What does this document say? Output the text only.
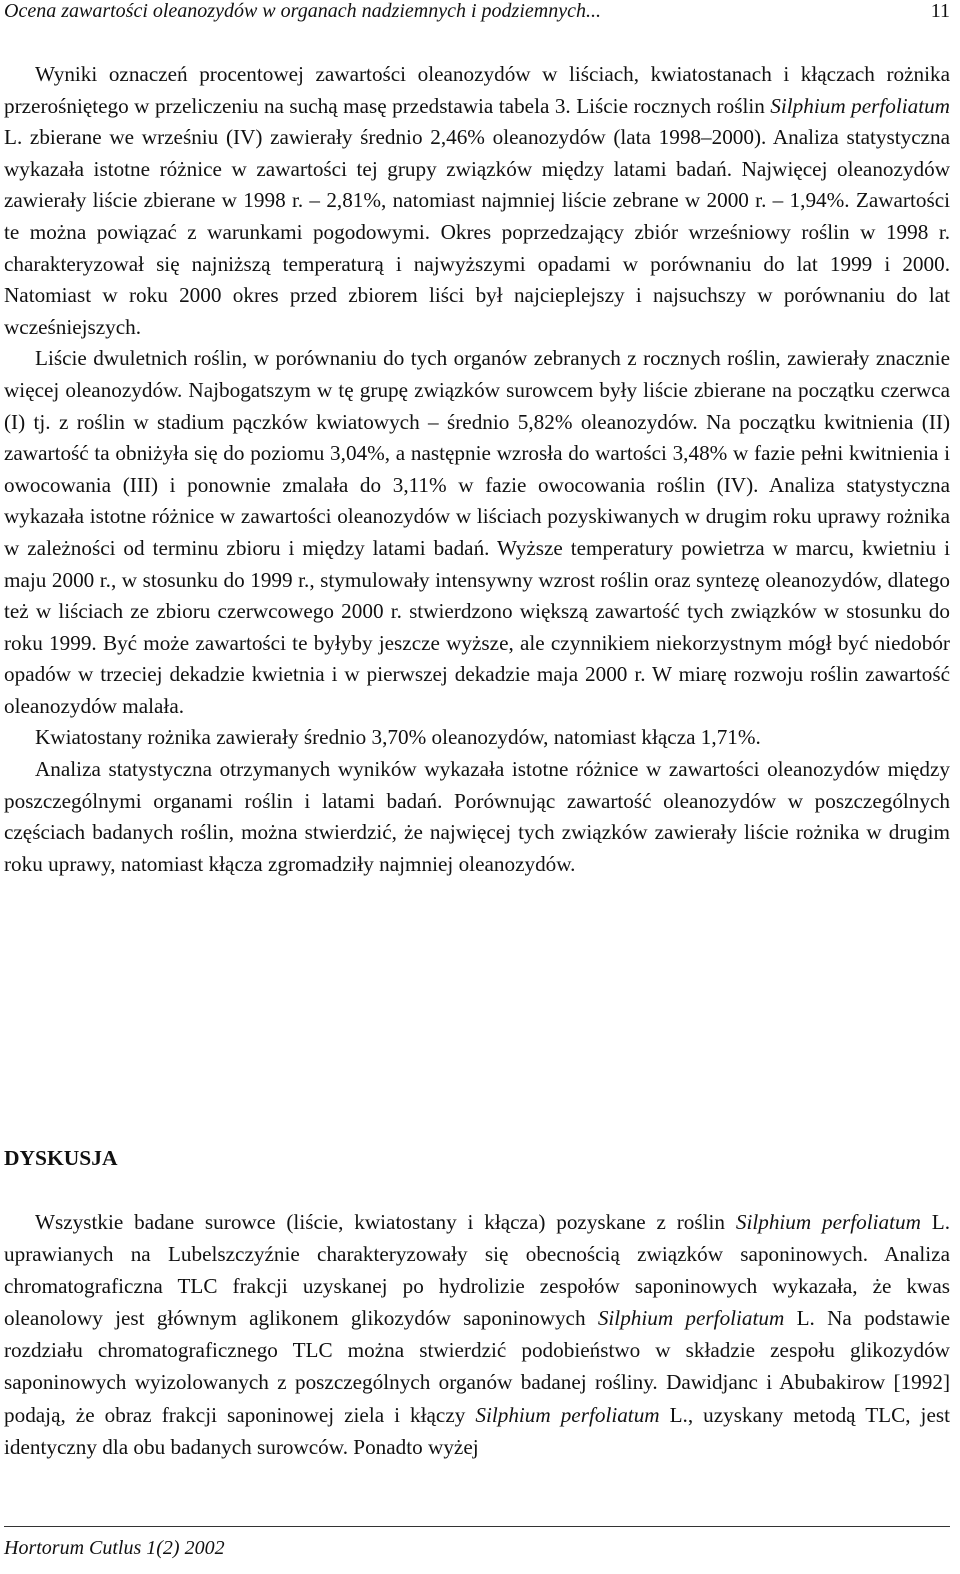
Ocena zawartości oleanozydów w organach nadziemnych i podziemnych...	11

Wyniki oznaczeń procentowej zawartości oleanozydów w liściach, kwiatostanach i kłączach rożnika przerośniętego w przeliczeniu na suchą masę przedstawia tabela 3. Liście rocznych roślin Silphium perfoliatum L. zbierane we wrześniu (IV) zawierały średnio 2,46% oleanozydów (lata 1998–2000). Analiza statystyczna wykazała istotne różnice w zawartości tej grupy związków między latami badań. Najwięcej oleanozydów zawierały liście zbierane w 1998 r. – 2,81%, natomiast najmniej liście zebrane w 2000 r. – 1,94%. Zawartości te można powiązać z warunkami pogodowymi. Okres poprzedzający zbiór wrześniowy roślin w 1998 r. charakteryzował się najniższą temperaturą i najwyższymi opadami w porównaniu do lat 1999 i 2000. Natomiast w roku 2000 okres przed zbiorem liści był najcieplejszy i najsuchszy w porównaniu do lat wcześniejszych.

Liście dwuletnich roślin, w porównaniu do tych organów zebranych z rocznych roślin, zawierały znacznie więcej oleanozydów. Najbogatszym w tę grupę związków surowcem były liście zbierane na początku czerwca (I) tj. z roślin w stadium pączków kwiatowych – średnio 5,82% oleanozydów. Na początku kwitnienia (II) zawartość ta obniżyła się do poziomu 3,04%, a następnie wzrosła do wartości 3,48% w fazie pełni kwitnienia i owocowania (III) i ponownie zmalała do 3,11% w fazie owocowania roślin (IV). Analiza statystyczna wykazała istotne różnice w zawartości oleanozydów w liściach pozyskiwanych w drugim roku uprawy rożnika w zależności od terminu zbioru i między latami badań. Wyższe temperatury powietrza w marcu, kwietniu i maju 2000 r., w stosunku do 1999 r., stymulowały intensywny wzrost roślin oraz syntezę oleanozydów, dlatego też w liściach ze zbioru czerwcowego 2000 r. stwierdzono większą zawartość tych związków w stosunku do roku 1999. Być może zawartości te byłyby jeszcze wyższe, ale czynnikiem niekorzystnym mógł być niedobór opadów w trzeciej dekadzie kwietnia i w pierwszej dekadzie maja 2000 r. W miarę rozwoju roślin zawartość oleanozydów malała.

Kwiatostany rożnika zawierały średnio 3,70% oleanozydów, natomiast kłącza 1,71%.

Analiza statystyczna otrzymanych wyników wykazała istotne różnice w zawartości oleanozydów między poszczególnymi organami roślin i latami badań. Porównując zawartość oleanozydów w poszczególnych częściach badanych roślin, można stwierdzić, że najwięcej tych związków zawierały liście rożnika w drugim roku uprawy, natomiast kłącza zgromadziły najmniej oleanozydów.

DYSKUSJA

Wszystkie badane surowce (liście, kwiatostany i kłącza) pozyskane z roślin Silphium perfoliatum L. uprawianych na Lubelszczyźnie charakteryzowały się obecnością związków saponinowych. Analiza chromatograficzna TLC frakcji uzyskanej po hydrolizie zespołów saponinowych wykazała, że kwas oleanolowy jest głównym aglikonem glikozydów saponinowych Silphium perfoliatum L. Na podstawie rozdziału chromatograficznego TLC można stwierdzić podobieństwo w składzie zespołu glikozydów saponinowych wyizolowanych z poszczególnych organów badanej rośliny. Dawidjanc i Abubakirow [1992] podają, że obraz frakcji saponinowej ziela i kłączy Silphium perfoliatum L., uzyskany metodą TLC, jest identyczny dla obu badanych surowców. Ponadto wyżej

Hortorum Cutlus 1(2) 2002
